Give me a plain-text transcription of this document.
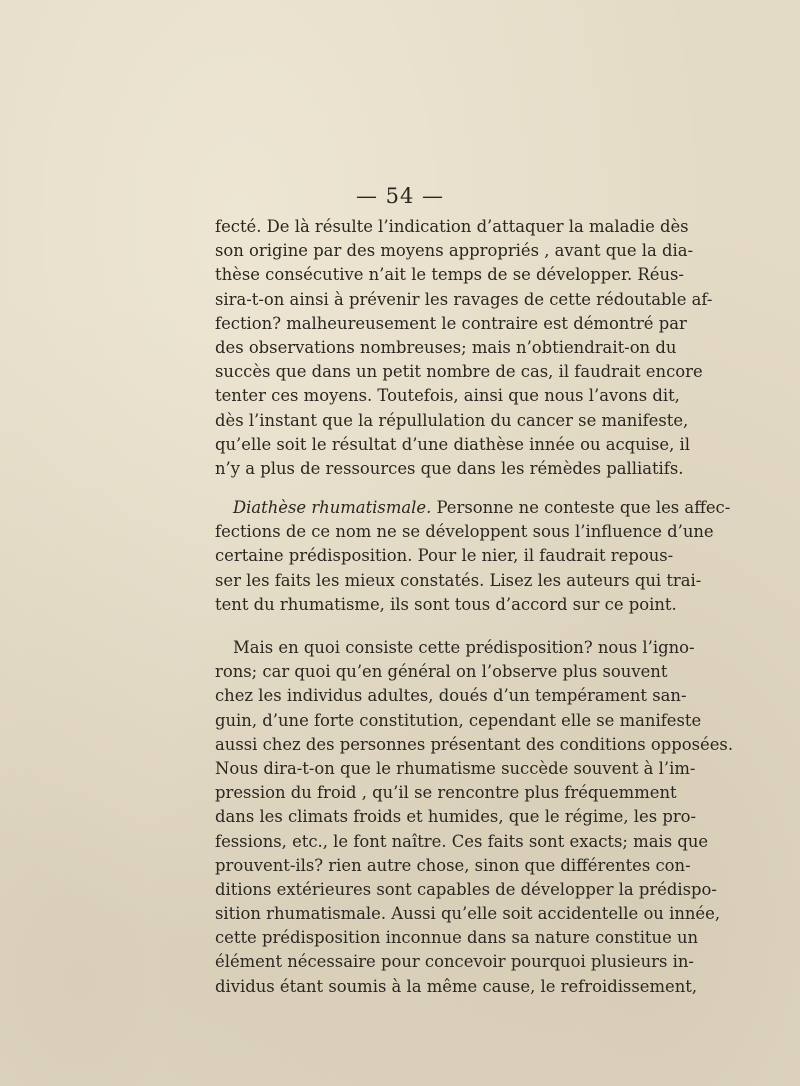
— 54 —
fecté. De là résulte l’indication d’attaquer la maladie dès
son origine par des moyens appropriés , avant que la dia-
thèse consécutive n’ait le temps de se développer. Réus-
sira-t-on ainsi à prévenir les ravages de cette rédoutable af-
fection? malheureusement le contraire est démontré par
des observations nombreuses; mais n’obtiendrait-on du
succès que dans un petit nombre de cas, il faudrait encore
tenter ces moyens. Toutefois, ainsi que nous l’avons dit,
dès l’instant que la répullulation du cancer se manifeste,
qu’elle soit le résultat d’une diathèse innée ou acquise, il
n’y a plus de ressources que dans les rémèdes palliatifs.
Diathèse rhumatismale. Personne ne conteste que les affec-
fections de ce nom ne se développent sous l’influence d’une
certaine prédisposition. Pour le nier, il faudrait repous-
ser les faits les mieux constatés. Lisez les auteurs qui trai-
tent du rhumatisme, ils sont tous d’accord sur ce point.
Mais en quoi consiste cette prédisposition? nous l’igno-
rons; car quoi qu’en général on l’observe plus souvent
chez les individus adultes, doués d’un tempérament san-
guin, d’une forte constitution, cependant elle se manifeste
aussi chez des personnes présentant des conditions opposées.
Nous dira-t-on que le rhumatisme succède souvent à l’im-
pression du froid , qu’il se rencontre plus fréquemment
dans les climats froids et humides, que le régime, les pro-
fessions, etc., le font naître. Ces faits sont exacts; mais que
prouvent-ils? rien autre chose, sinon que différentes con-
ditions extérieures sont capables de développer la prédispo-
sition rhumatismale. Aussi qu’elle soit accidentelle ou innée,
cette prédisposition inconnue dans sa nature constitue un
élément nécessaire pour concevoir pourquoi plusieurs in-
dividus étant soumis à la même cause, le refroidissement,
